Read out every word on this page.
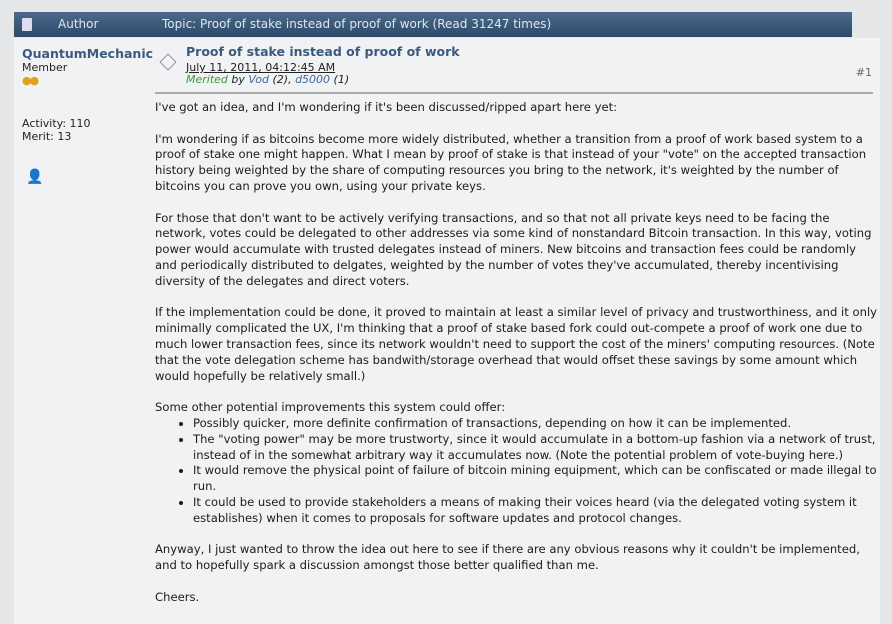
Author	Topic: Proof of stake instead of proof of work (Read 31247 times)
QuantumMechanic
Member
●●
Activity: 110
Merit: 13
👤
Proof of stake instead of proof of work
July 11, 2011, 04:12:45 AM
Merited by Vod (2), d5000 (1)
#1

I've got an idea, and I'm wondering if it's been discussed/ripped apart here yet:

I'm wondering if as bitcoins become more widely distributed, whether a transition from a proof of work based system to a proof of stake one might happen. What I mean by proof of stake is that instead of your "vote" on the accepted transaction history being weighted by the share of computing resources you bring to the network, it's weighted by the number of bitcoins you can prove you own, using your private keys.

For those that don't want to be actively verifying transactions, and so that not all private keys need to be facing the network, votes could be delegated to other addresses via some kind of nonstandard Bitcoin transaction. In this way, voting power would accumulate with trusted delegates instead of miners. New bitcoins and transaction fees could be randomly and periodically distributed to delgates, weighted by the number of votes they've accumulated, thereby incentivising diversity of the delegates and direct voters.

If the implementation could be done, it proved to maintain at least a similar level of privacy and trustworthiness, and it only minimally complicated the UX, I'm thinking that a proof of stake based fork could out-compete a proof of work one due to much lower transaction fees, since its network wouldn't need to support the cost of the miners' computing resources. (Note that the vote delegation scheme has bandwith/storage overhead that would offset these savings by some amount which would hopefully be relatively small.)

Some other potential improvements this system could offer:

• Possibly quicker, more definite confirmation of transactions, depending on how it can be implemented.
• The "voting power" may be more trustworty, since it would accumulate in a bottom-up fashion via a network of trust, instead of in the somewhat arbitrary way it accumulates now. (Note the potential problem of vote-buying here.)
• It would remove the physical point of failure of bitcoin mining equipment, which can be confiscated or made illegal to run.
• It could be used to provide stakeholders a means of making their voices heard (via the delegated voting system it establishes) when it comes to proposals for software updates and protocol changes.

Anyway, I just wanted to throw the idea out here to see if there are any obvious reasons why it couldn't be implemented, and to hopefully spark a discussion amongst those better qualified than me.

Cheers.
